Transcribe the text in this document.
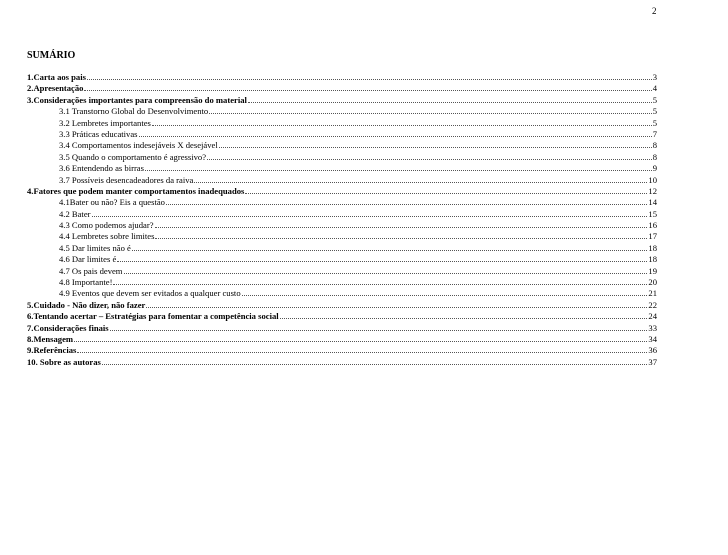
2
SUMÁRIO
1.Carta aos pais	3
2.Apresentação	4
3.Considerações importantes para compreensão do material	5
3.1 Transtorno Global do Desenvolvimento	5
3.2 Lembretes importantes	5
3.3 Práticas educativas	7
3.4 Comportamentos indesejáveis X desejável	8
3.5 Quando o comportamento é agressivo?	8
3.6 Entendendo as birras	9
3.7 Possíveis desencadeadores da raiva	10
4.Fatores que podem manter comportamentos inadequados	12
4.1Bater ou não? Eis a questão	14
4.2 Bater	15
4.3 Como podemos ajudar?	16
4.4 Lembretes sobre limites	17
4.5 Dar limites não é	18
4.6 Dar limites é	18
4.7 Os pais devem	19
4.8 Importante!	20
4.9 Eventos que devem ser evitados a qualquer custo	21
5.Cuidado - Não dizer, não fazer	22
6.Tentando acertar – Estratégias para fomentar a competência social	24
7.Considerações finais	33
8.Mensagem	34
9.Referências	36
10. Sobre as autoras	37
